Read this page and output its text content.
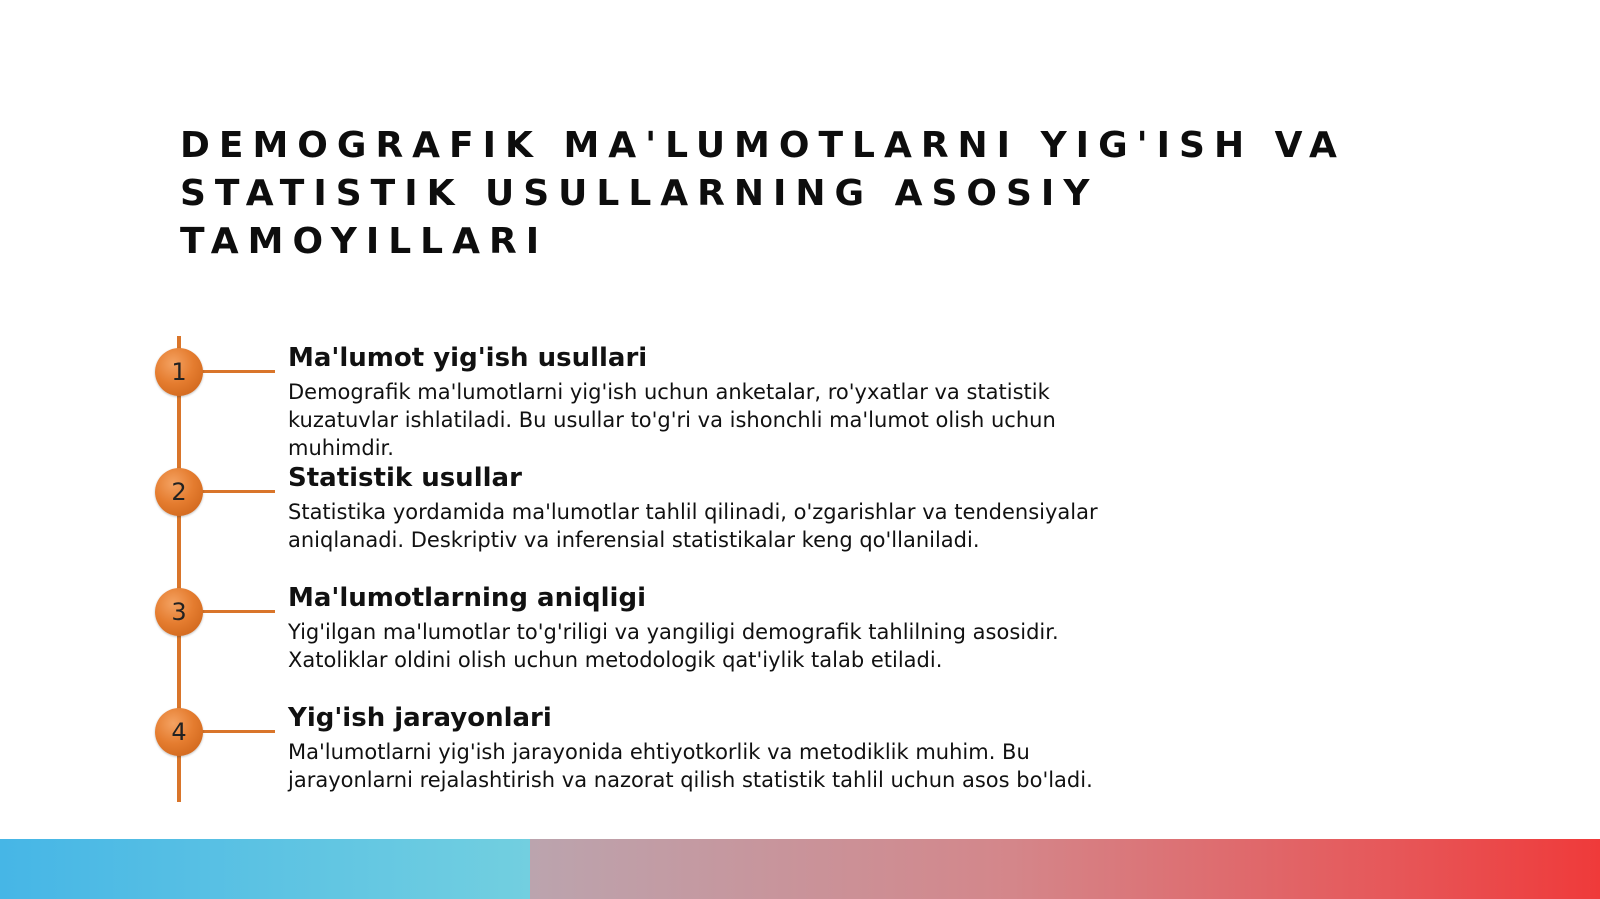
DEMOGRAFIK MA'LUMOTLARNI YIG'ISH VA STATISTIK USULLARNING ASOSIY TAMOYILLARI
1	Ma'lumot yig'ish usullari
Demografik ma'lumotlarni yig'ish uchun anketalar, ro'yxatlar va statistik kuzatuvlar ishlatiladi. Bu usullar to'g'ri va ishonchli ma'lumot olish uchun muhimdir.
2	Statistik usullar
Statistika yordamida ma'lumotlar tahlil qilinadi, o'zgarishlar va tendensiyalar aniqlanadi. Deskriptiv va inferensial statistikalar keng qo'llaniladi.
3	Ma'lumotlarning aniqligi
Yig'ilgan ma'lumotlar to'g'riligi va yangiligi demografik tahlilning asosidir. Xatoliklar oldini olish uchun metodologik qat'iylik talab etiladi.
4	Yig'ish jarayonlari
Ma'lumotlarni yig'ish jarayonida ehtiyotkorlik va metodiklik muhim. Bu jarayonlarni rejalashtirish va nazorat qilish statistik tahlil uchun asos bo'ladi.
